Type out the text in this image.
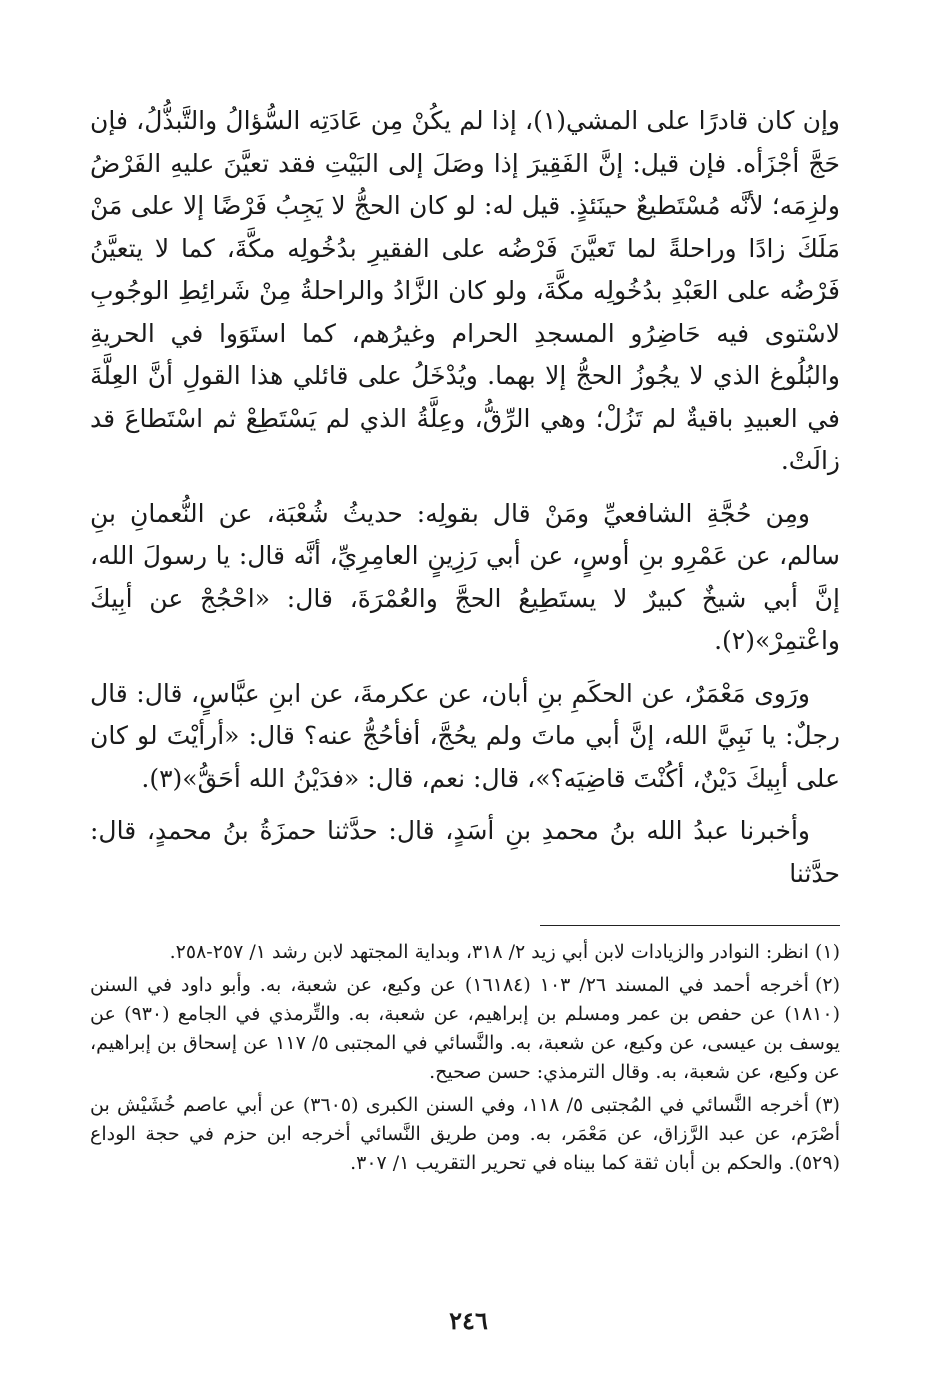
وإن كان قادرًا على المشي(١)، إذا لم يكُنْ مِن عَادَتِه السُّؤالُ والتَّبذُّلُ، فإن حَجَّ أجْزَأه. فإن قيل: إنَّ الفَقِيرَ إذا وصَلَ إلى البَيْتِ فقد تعيَّنَ عليهِ الفَرْضُ ولزِمَه؛ لأنَّه مُسْتَطيعٌ حينَئذٍ. قيل له: لو كان الحجُّ لا يَجِبُ فَرْضًا إلا على مَنْ مَلَكَ زادًا وراحلةً لما تَعيَّنَ فَرْضُه على الفقيرِ بدُخُولِه مكَّةَ، كما لا يتعيَّنُ فَرْضُه على العَبْدِ بدُخُولِه مكَّةَ، ولو كان الزَّادُ والراحلةُ مِنْ شَرائِطِ الوجُوبِ لاسْتوى فيه حَاضِرُو المسجدِ الحرام وغيرُهم، كما استَوَوا في الحريةِ والبُلُوغ الذي لا يجُوزُ الحجُّ إلا بهما. ويُدْخَلُ على قائلي هذا القولِ أنَّ العِلَّةَ في العبيدِ باقيةٌ لم تَزُلْ؛ وهي الرِّقُّ، وعِلَّةُ الذي لم يَسْتَطِعْ ثم اسْتَطاعَ قد زالَتْ.

ومِن حُجَّةِ الشافعيِّ ومَنْ قال بقولِه: حديثُ شُعْبَة، عن النُّعمانِ بنِ سالم، عن عَمْرِو بنِ أوسٍ، عن أبي رَزِينٍ العامِرِيِّ، أنَّه قال: يا رسولَ الله، إنَّ أبي شيخٌ كبيرٌ لا يستَطِيعُ الحجَّ والعُمْرَةَ، قال: «احْجُجْ عن أبِيكَ واعْتمِرْ»(٢).

ورَوى مَعْمَرٌ، عن الحكَمِ بنِ أبان، عن عكرمةَ، عن ابنِ عبَّاسٍ، قال: قال رجلٌ: يا نَبِيَّ الله، إنَّ أبي ماتَ ولم يحُجَّ، أفأحُجُّ عنه؟ قال: «أرأيْتَ لو كان على أبِيكَ دَيْنٌ، أكُنْتَ قاضِيَه؟»، قال: نعم، قال: «فدَيْنُ الله أحَقُّ»(٣).

وأخبرنا عبدُ الله بنُ محمدِ بنِ أسَدٍ، قال: حدَّثنا حمزَةُ بنُ محمدٍ، قال: حدَّثنا

(١)انظر: النوادر والزيادات لابن أبي زيد ٢/ ٣١٨، وبداية المجتهد لابن رشد ١/ ٢٥٧-٢٥٨.
(٢)أخرجه أحمد في المسند ٢٦/ ١٠٣ (١٦١٨٤) عن وكيع، عن شعبة، به. وأبو داود في السنن (١٨١٠) عن حفص بن عمر ومسلم بن إبراهيم، عن شعبة، به. والتِّرمذي في الجامع (٩٣٠) عن يوسف بن عيسى، عن وكيع، عن شعبة، به. والنَّسائي في المجتبى ٥/ ١١٧ عن إسحاق بن إبراهيم، عن وكيع، عن شعبة، به. وقال الترمذي: حسن صحيح.
(٣)أخرجه النَّسائي في المُجتبى ٥/ ١١٨، وفي السنن الكبرى (٣٦٠٥) عن أبي عاصم خُشَيْش بن أصْرَم، عن عبد الرَّزاق، عن مَعْمَر، به. ومن طريق النَّسائي أخرجه ابن حزم في حجة الوداع (٥٢٩). والحكم بن أبان ثقة كما بيناه في تحرير التقريب ١/ ٣٠٧.
٢٤٦
